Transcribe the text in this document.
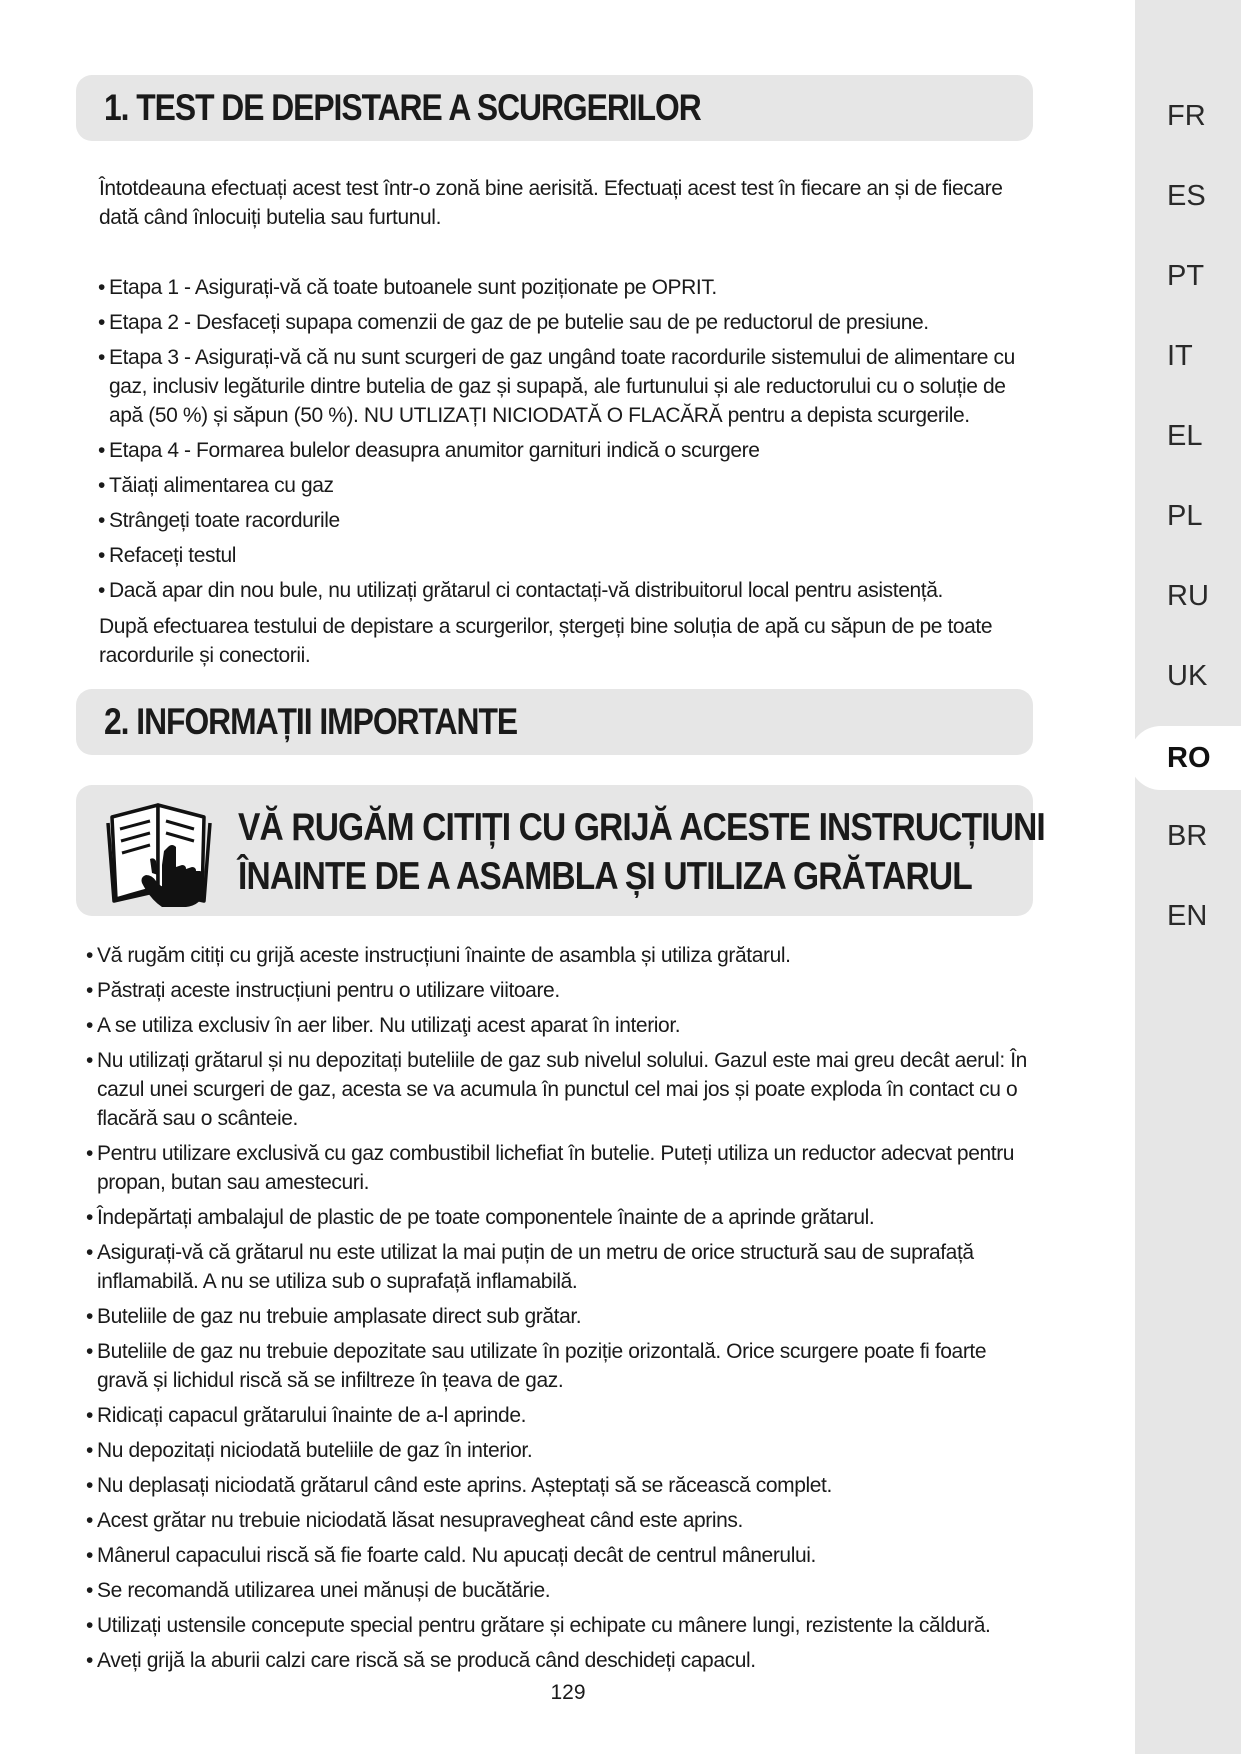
1. TEST DE DEPISTARE A SCURGERILOR
Întotdeauna efectuați acest test într-o zonă bine aerisită. Efectuați acest test în fiecare an și de fiecare dată când înlocuiți butelia sau furtunul.
• Etapa 1 - Asigurați-vă că toate butoanele sunt poziționate pe OPRIT.
• Etapa 2 - Desfaceți supapa comenzii de gaz de pe butelie sau de pe reductorul de presiune.
• Etapa 3 - Asigurați-vă că nu sunt scurgeri de gaz ungând toate racordurile sistemului de alimentare cu gaz, inclusiv legăturile dintre butelia de gaz și supapă, ale furtunului și ale reductorului cu o soluție de apă (50 %) și săpun (50 %). NU UTLIZAȚI NICIODATĂ O FLACĂRĂ pentru a depista scurgerile.
• Etapa 4 - Formarea bulelor deasupra anumitor garnituri indică o scurgere
• Tăiați alimentarea cu gaz
• Strângeți toate racordurile
• Refaceți testul
• Dacă apar din nou bule, nu utilizați grătarul ci contactați-vă distribuitorul local pentru asistență.
După efectuarea testului de depistare a scurgerilor, ștergeți bine soluția de apă cu săpun de pe toate racordurile și conectorii.
2. INFORMAȚII IMPORTANTE
VĂ RUGĂM CITIȚI CU GRIJĂ ACESTE INSTRUCȚIUNI
ÎNAINTE DE A ASAMBLA ȘI UTILIZA GRĂTARUL
• Vă rugăm citiți cu grijă aceste instrucțiuni înainte de asambla și utiliza grătarul.
• Păstrați aceste instrucțiuni pentru o utilizare viitoare.
• A se utiliza exclusiv în aer liber. Nu utilizaţi acest aparat în interior.
• Nu utilizați grătarul și nu depozitați buteliile de gaz sub nivelul solului. Gazul este mai greu decât aerul: În cazul unei scurgeri de gaz, acesta se va acumula în punctul cel mai jos și poate exploda în contact cu o flacără sau o scânteie.
• Pentru utilizare exclusivă cu gaz combustibil lichefiat în butelie. Puteți utiliza un reductor adecvat pentru propan, butan sau amestecuri.
• Îndepărtați ambalajul de plastic de pe toate componentele înainte de a aprinde grătarul.
• Asigurați-vă că grătarul nu este utilizat la mai puțin de un metru de orice structură sau de suprafață inflamabilă. A nu se utiliza sub o suprafață inflamabilă.
• Buteliile de gaz nu trebuie amplasate direct sub grătar.
• Buteliile de gaz nu trebuie depozitate sau utilizate în poziție orizontală. Orice scurgere poate fi foarte gravă și lichidul riscă să se infiltreze în țeava de gaz.
• Ridicați capacul grătarului înainte de a-l aprinde.
• Nu depozitați niciodată buteliile de gaz în interior.
• Nu deplasați niciodată grătarul când este aprins. Așteptați să se răcească complet.
• Acest grătar nu trebuie niciodată lăsat nesupravegheat când este aprins.
• Mânerul capacului riscă să fie foarte cald. Nu apucați decât de centrul mânerului.
• Se recomandă utilizarea unei mănuși de bucătărie.
• Utilizați ustensile concepute special pentru grătare și echipate cu mânere lungi, rezistente la căldură.
• Aveți grijă la aburii calzi care riscă să se producă când deschideți capacul.
129
FR
ES
PT
IT
EL
PL
RU
UK
RO
BR
EN
